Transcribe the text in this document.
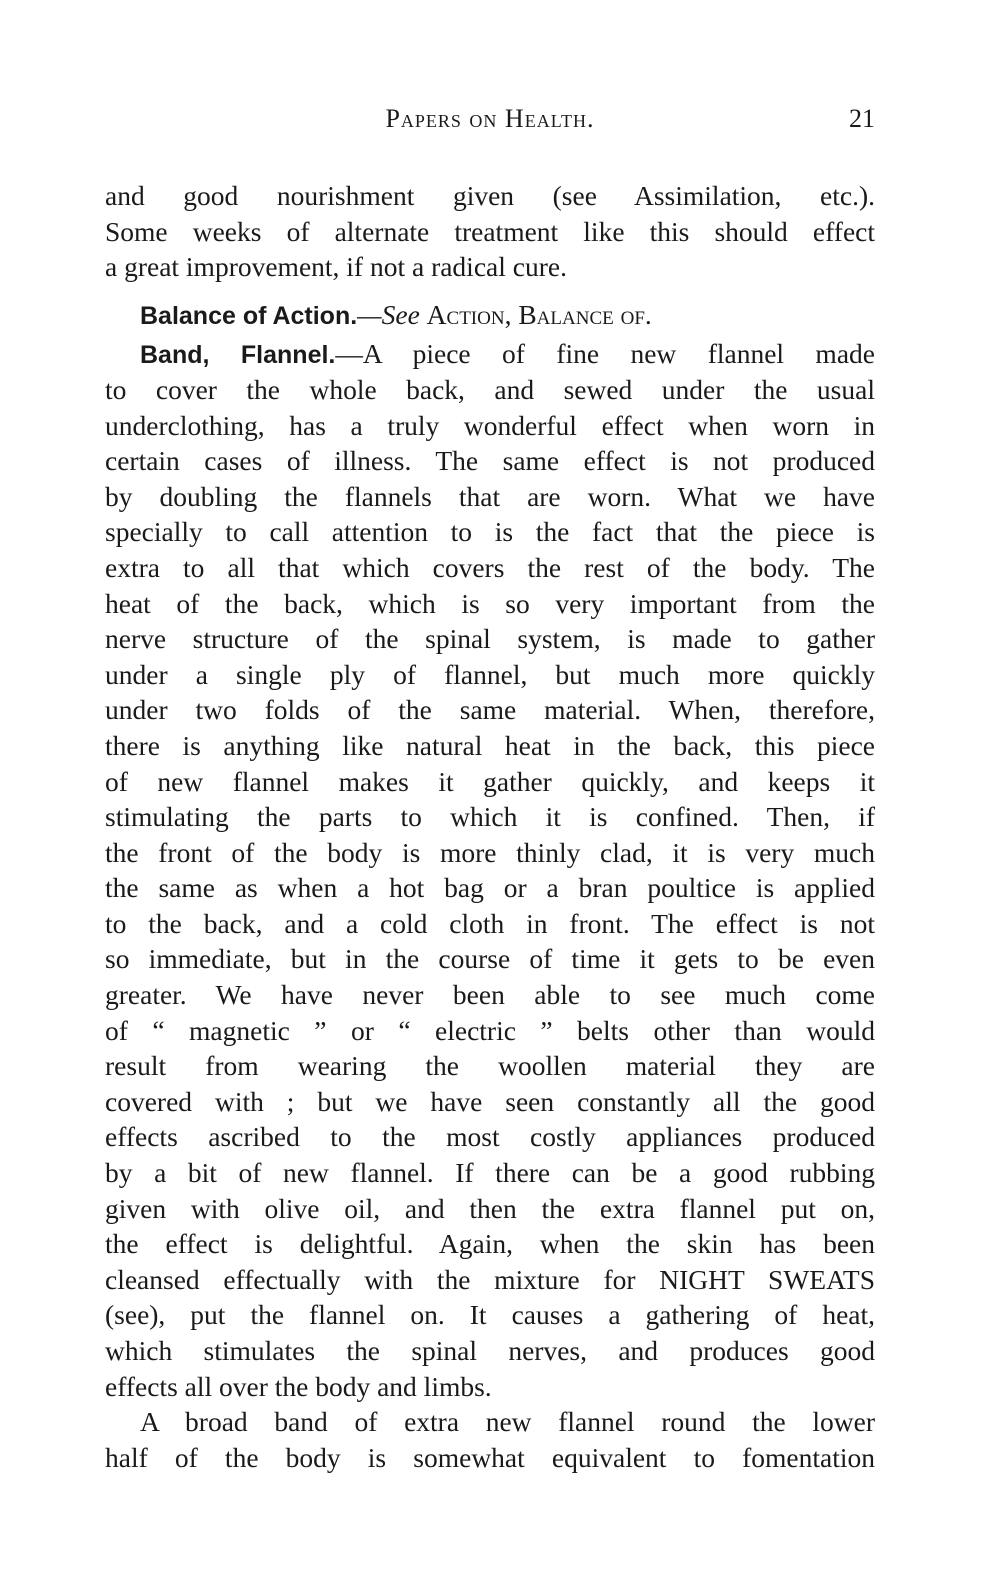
Papers on Health.	21
and good nourishment given (see Assimilation, etc.).
Some weeks of alternate treatment like this should effect
a great improvement, if not a radical cure.
Balance of Action.—See Action, Balance of.
Band, Flannel.—A piece of fine new flannel made
to cover the whole back, and sewed under the usual
underclothing, has a truly wonderful effect when worn in
certain cases of illness. The same effect is not produced
by doubling the flannels that are worn. What we have
specially to call attention to is the fact that the piece is
extra to all that which covers the rest of the body. The
heat of the back, which is so very important from the
nerve structure of the spinal system, is made to gather
under a single ply of flannel, but much more quickly
under two folds of the same material. When, therefore,
there is anything like natural heat in the back, this piece
of new flannel makes it gather quickly, and keeps it
stimulating the parts to which it is confined. Then, if
the front of the body is more thinly clad, it is very much
the same as when a hot bag or a bran poultice is applied
to the back, and a cold cloth in front. The effect is not
so immediate, but in the course of time it gets to be even
greater. We have never been able to see much come
of “ magnetic ” or “ electric ” belts other than would
result from wearing the woollen material they are
covered with ; but we have seen constantly all the good
effects ascribed to the most costly appliances produced
by a bit of new flannel. If there can be a good rubbing
given with olive oil, and then the extra flannel put on,
the effect is delightful. Again, when the skin has been
cleansed effectually with the mixture for NIGHT SWEATS
(see), put the flannel on. It causes a gathering of heat,
which stimulates the spinal nerves, and produces good
effects all over the body and limbs.
A broad band of extra new flannel round the lower
half of the body is somewhat equivalent to fomentation
